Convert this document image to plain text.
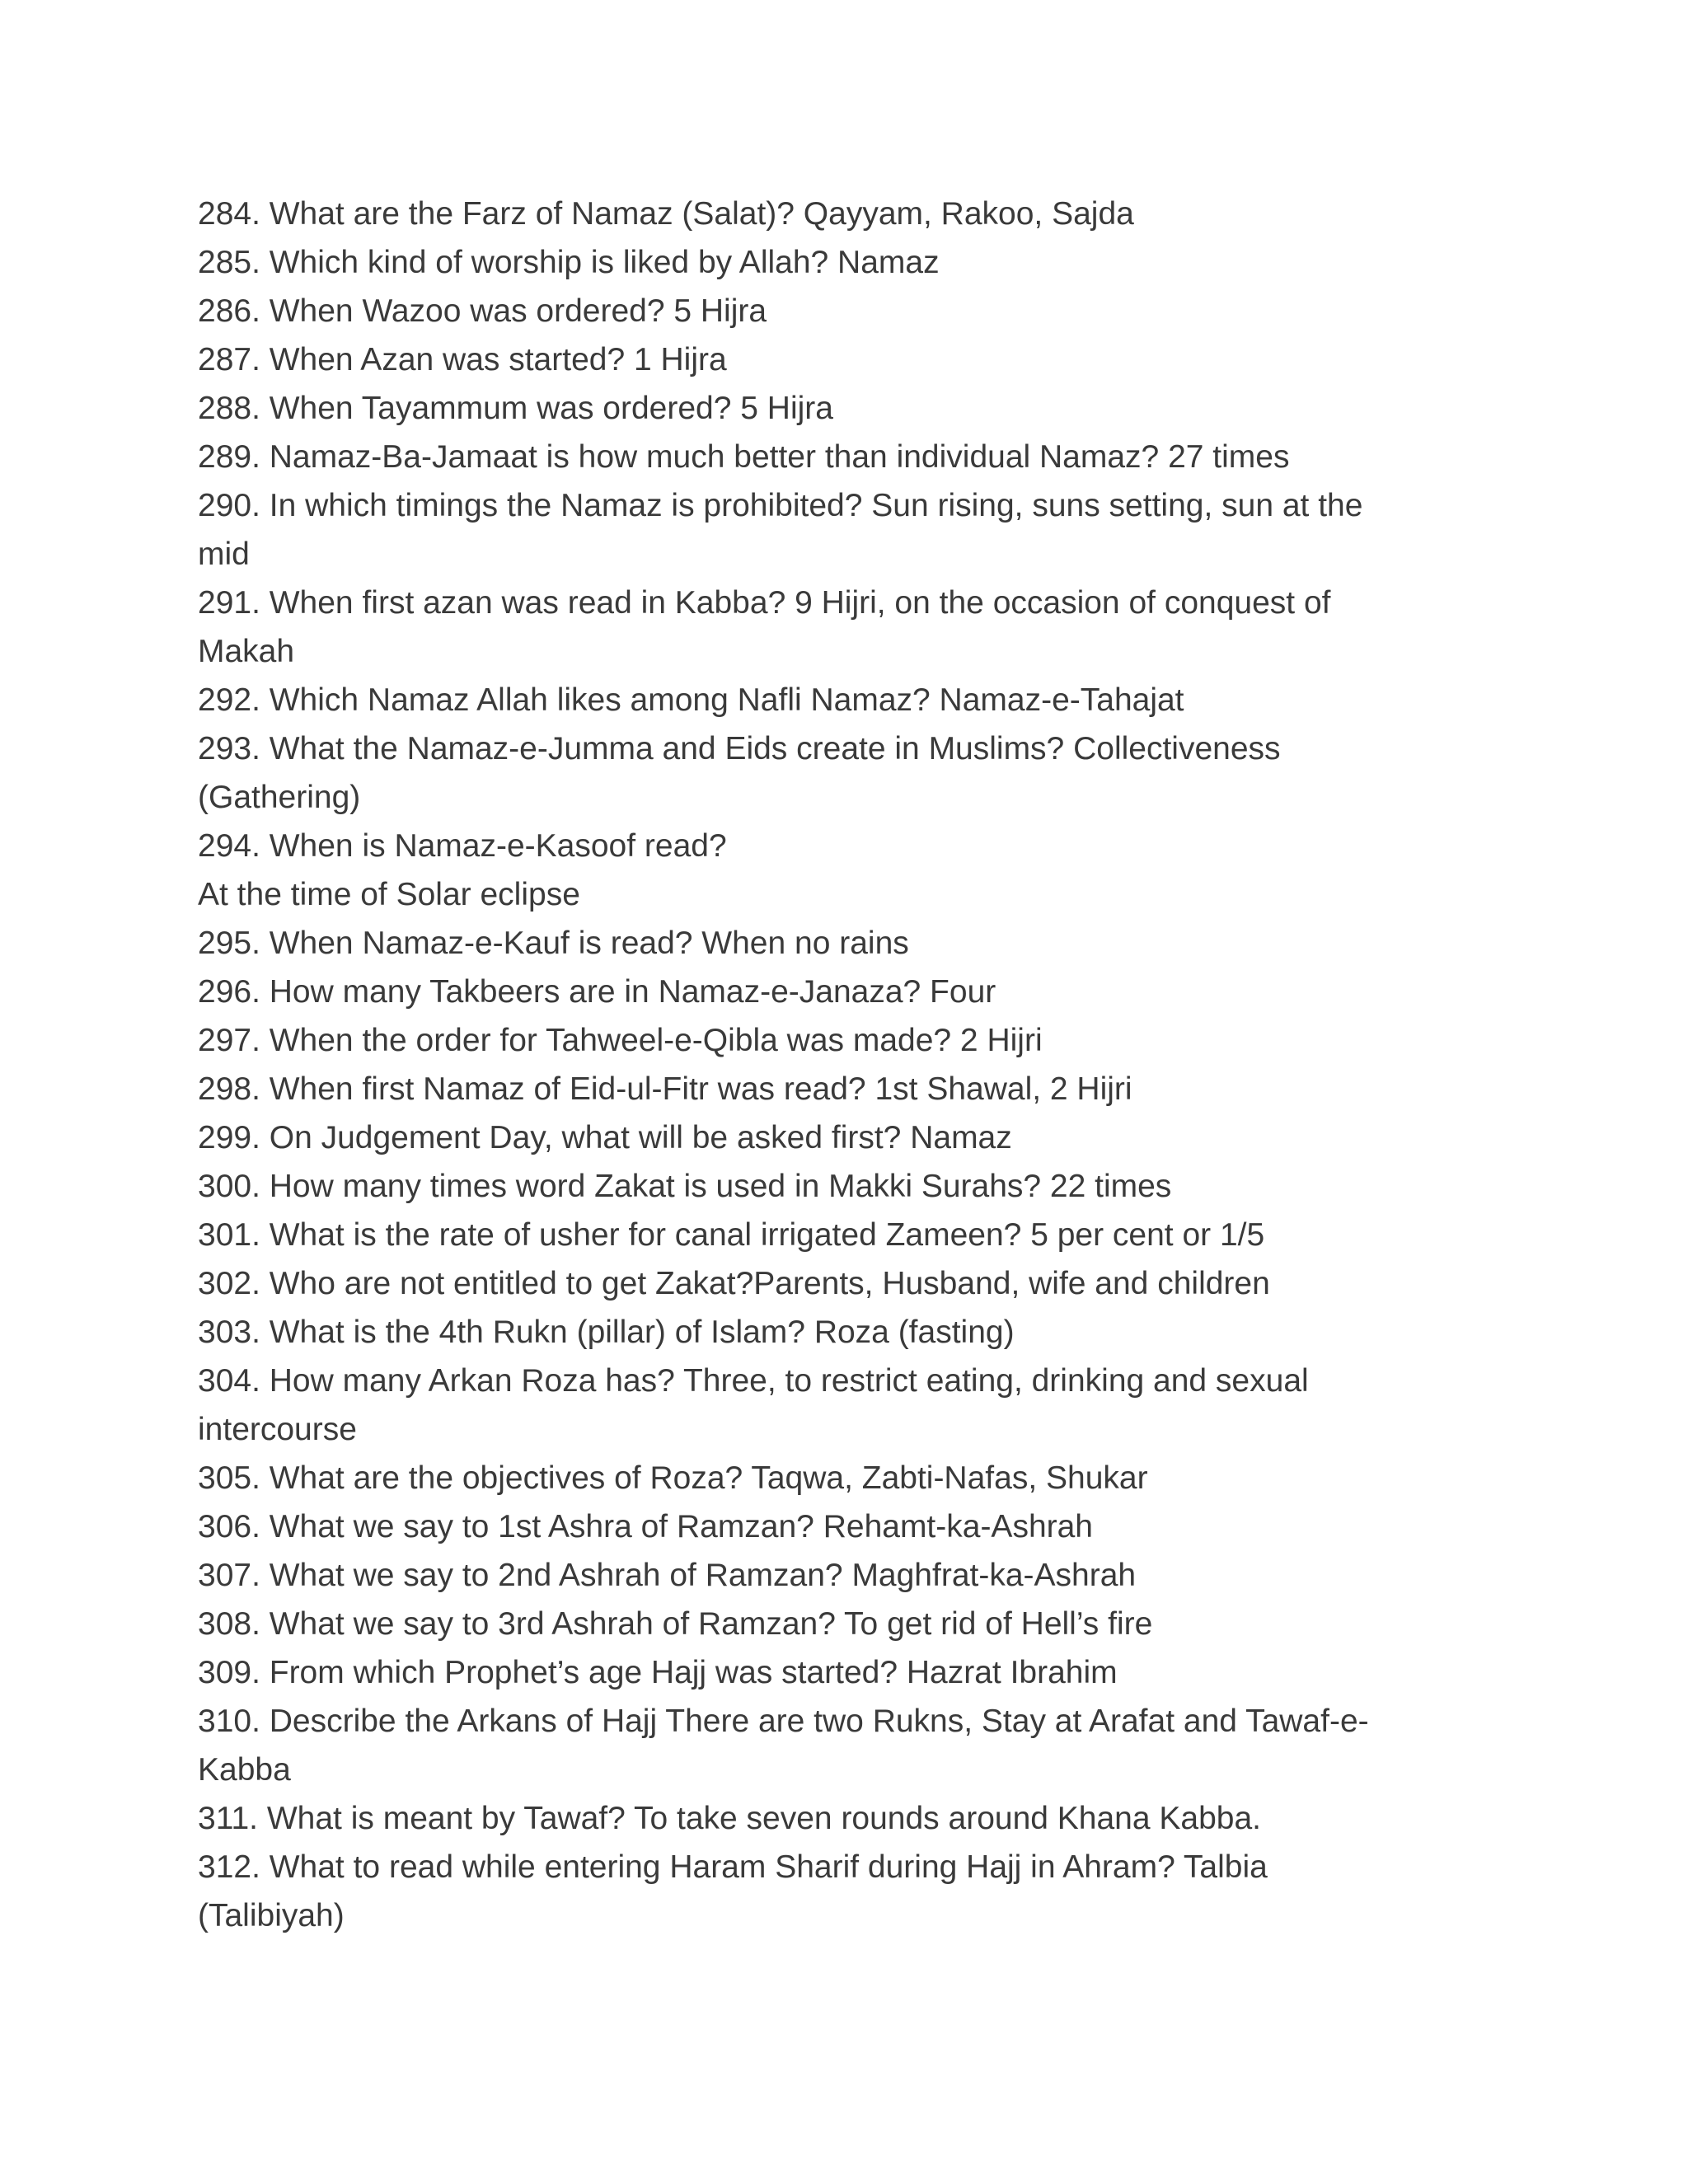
284. What are the Farz of Namaz (Salat)? Qayyam, Rakoo, Sajda
285. Which kind of worship is liked by Allah? Namaz
286. When Wazoo was ordered? 5 Hijra
287. When Azan was started? 1 Hijra
288. When Tayammum was ordered? 5 Hijra
289. Namaz-Ba-Jamaat is how much better than individual Namaz? 27 times
290. In which timings the Namaz is prohibited? Sun rising, suns setting, sun at the
mid
291. When first azan was read in Kabba? 9 Hijri, on the occasion of conquest of
Makah
292. Which Namaz Allah likes among Nafli Namaz? Namaz-e-Tahajat
293. What the Namaz-e-Jumma and Eids create in Muslims? Collectiveness
(Gathering)
294. When is Namaz-e-Kasoof read?
At the time of Solar eclipse
295. When Namaz-e-Kauf is read? When no rains
296. How many Takbeers are in Namaz-e-Janaza? Four
297. When the order for Tahweel-e-Qibla was made? 2 Hijri
298. When first Namaz of Eid-ul-Fitr was read? 1st Shawal, 2 Hijri
299. On Judgement Day, what will be asked first? Namaz
300. How many times word Zakat is used in Makki Surahs? 22 times
301. What is the rate of usher for canal irrigated Zameen? 5 per cent or 1/5
302. Who are not entitled to get Zakat?Parents, Husband, wife and children
303. What is the 4th Rukn (pillar) of Islam? Roza (fasting)
304. How many Arkan Roza has? Three, to restrict eating, drinking and sexual
intercourse
305. What are the objectives of Roza? Taqwa, Zabti-Nafas, Shukar
306. What we say to 1st Ashra of Ramzan? Rehamt-ka-Ashrah
307. What we say to 2nd Ashrah of Ramzan? Maghfrat-ka-Ashrah
308. What we say to 3rd Ashrah of Ramzan? To get rid of Hell’s fire
309. From which Prophet’s age Hajj was started? Hazrat Ibrahim
310. Describe the Arkans of Hajj There are two Rukns, Stay at Arafat and Tawaf-e-
Kabba
311. What is meant by Tawaf? To take seven rounds around Khana Kabba.
312. What to read while entering Haram Sharif during Hajj in Ahram? Talbia
(Talibiyah)
